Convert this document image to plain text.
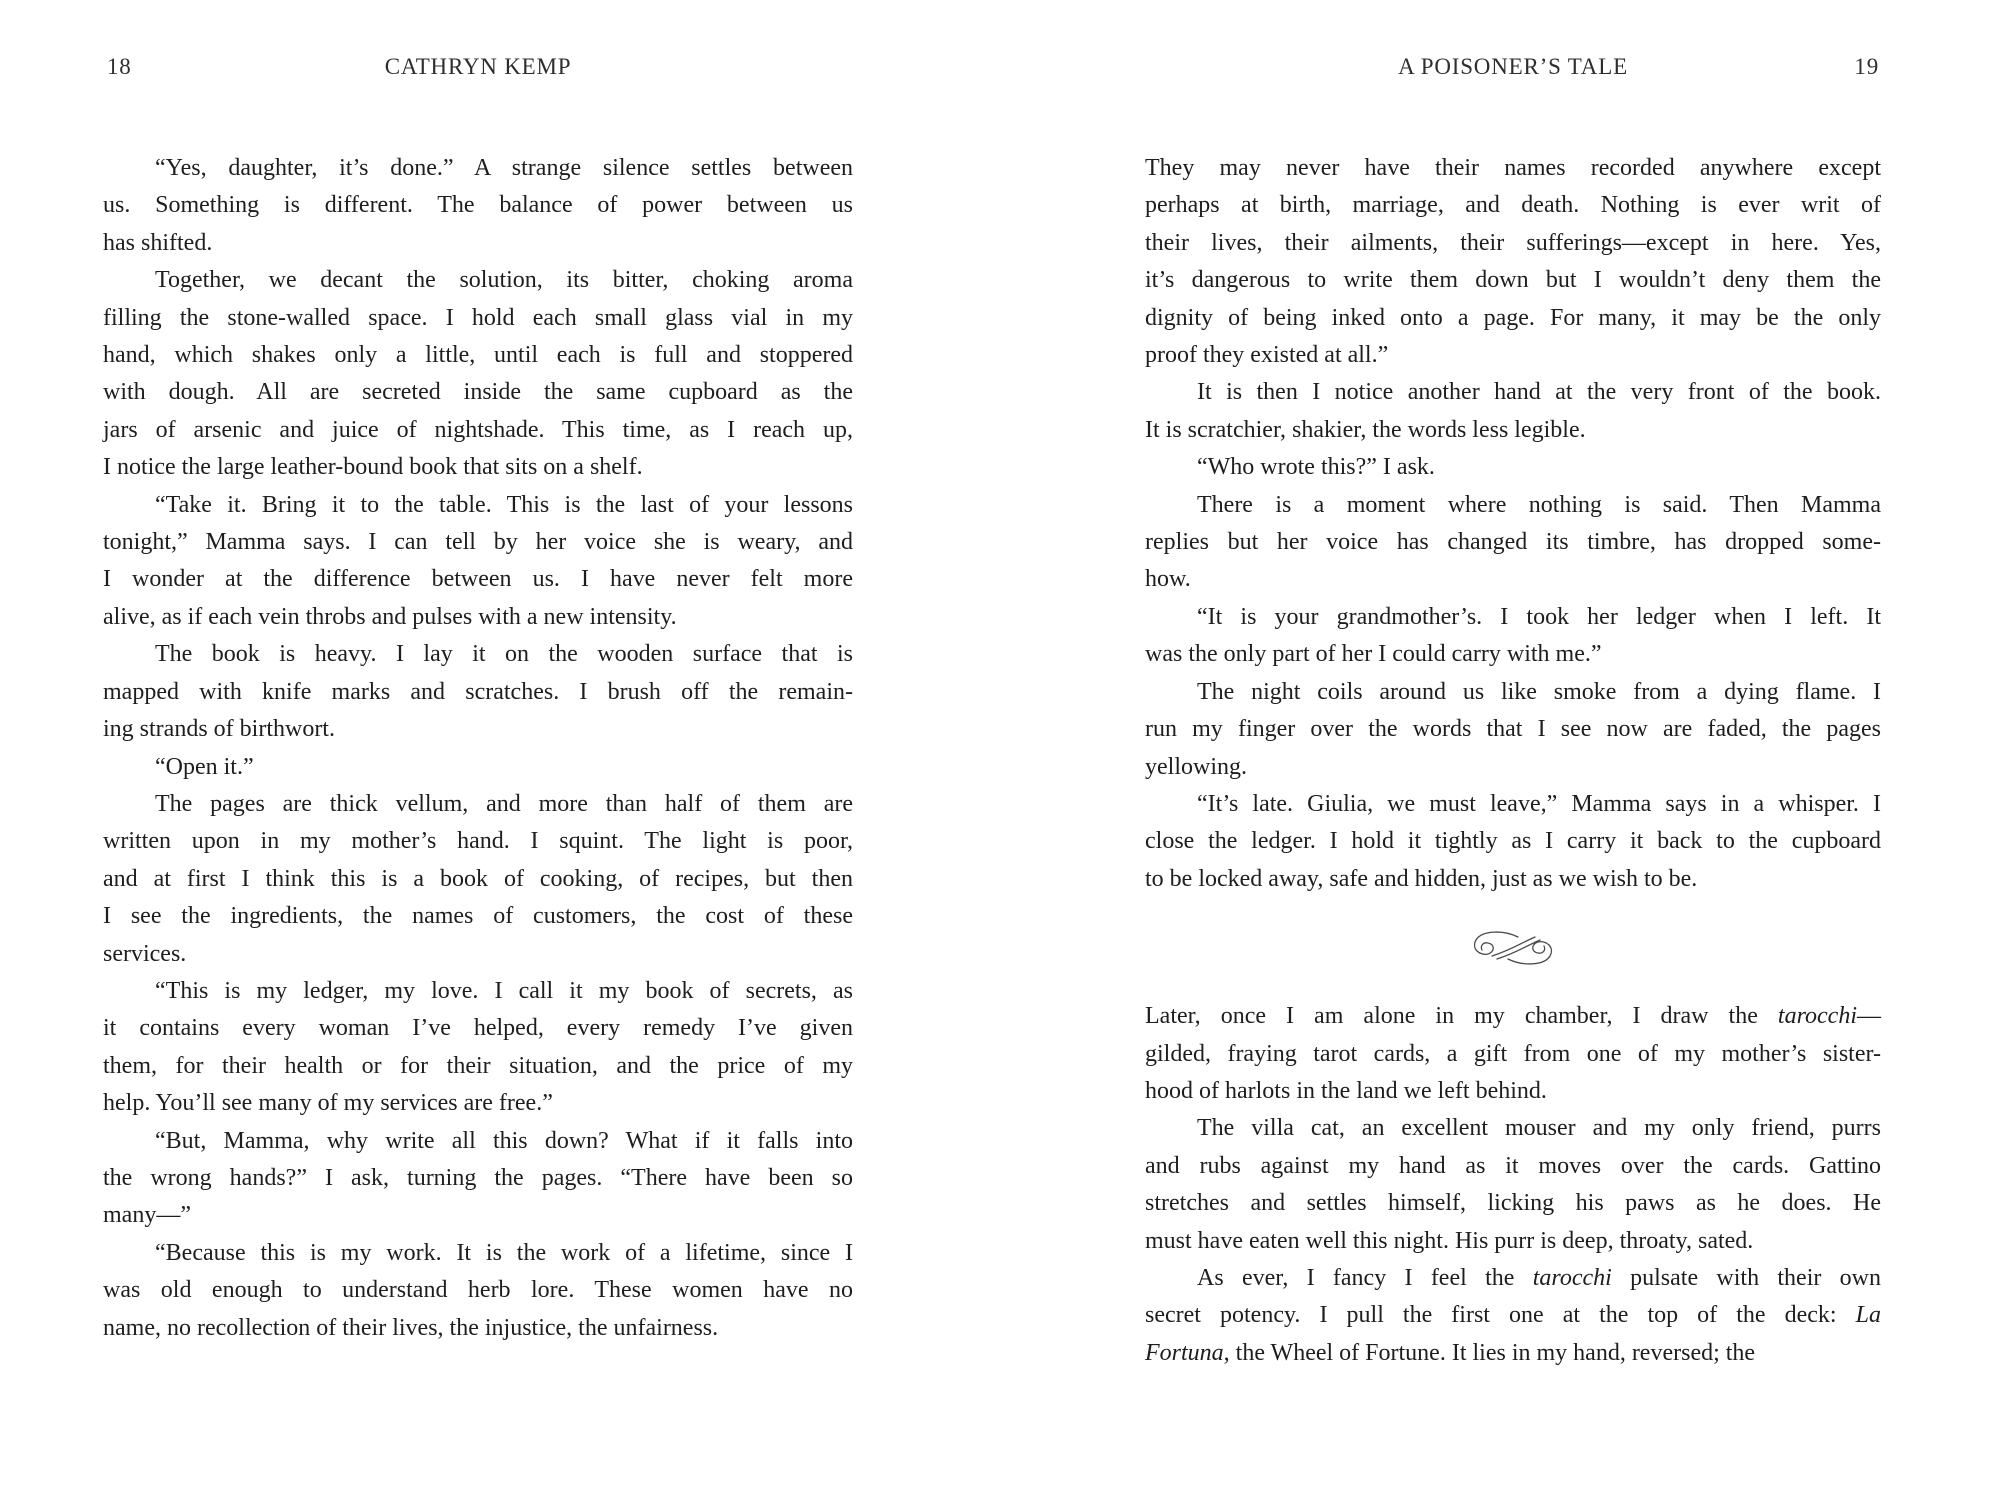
18	CATHRYN KEMP
“Yes, daughter, it’s done.” A strange silence settles between
us. Something is different. The balance of power between us
has shifted.
Together, we decant the solution, its bitter, choking aroma
filling the stone-walled space. I hold each small glass vial in my
hand, which shakes only a little, until each is full and stoppered
with dough. All are secreted inside the same cupboard as the
jars of arsenic and juice of nightshade. This time, as I reach up,
I notice the large leather-bound book that sits on a shelf.
“Take it. Bring it to the table. This is the last of your lessons
tonight,” Mamma says. I can tell by her voice she is weary, and
I wonder at the difference between us. I have never felt more
alive, as if each vein throbs and pulses with a new intensity.
The book is heavy. I lay it on the wooden surface that is
mapped with knife marks and scratches. I brush off the remain-
ing strands of birthwort.
“Open it.”
The pages are thick vellum, and more than half of them are
written upon in my mother’s hand. I squint. The light is poor,
and at first I think this is a book of cooking, of recipes, but then
I see the ingredients, the names of customers, the cost of these
services.
“This is my ledger, my love. I call it my book of secrets, as
it contains every woman I’ve helped, every remedy I’ve given
them, for their health or for their situation, and the price of my
help. You’ll see many of my services are free.”
“But, Mamma, why write all this down? What if it falls into
the wrong hands?” I ask, turning the pages. “There have been so
many—”
“Because this is my work. It is the work of a lifetime, since I
was old enough to understand herb lore. These women have no
name, no recollection of their lives, the injustice, the unfairness.
A POISONER’S TALE	19
They may never have their names recorded anywhere except
perhaps at birth, marriage, and death. Nothing is ever writ of
their lives, their ailments, their sufferings—except in here. Yes,
it’s dangerous to write them down but I wouldn’t deny them the
dignity of being inked onto a page. For many, it may be the only
proof they existed at all.”
It is then I notice another hand at the very front of the book.
It is scratchier, shakier, the words less legible.
“Who wrote this?” I ask.
There is a moment where nothing is said. Then Mamma
replies but her voice has changed its timbre, has dropped some-
how.
“It is your grandmother’s. I took her ledger when I left. It
was the only part of her I could carry with me.”
The night coils around us like smoke from a dying flame. I
run my finger over the words that I see now are faded, the pages
yellowing.
“It’s late. Giulia, we must leave,” Mamma says in a whisper. I
close the ledger. I hold it tightly as I carry it back to the cupboard
to be locked away, safe and hidden, just as we wish to be.
Later, once I am alone in my chamber, I draw the tarocchi—
gilded, fraying tarot cards, a gift from one of my mother’s sister-
hood of harlots in the land we left behind.
The villa cat, an excellent mouser and my only friend, purrs
and rubs against my hand as it moves over the cards. Gattino
stretches and settles himself, licking his paws as he does. He
must have eaten well this night. His purr is deep, throaty, sated.
As ever, I fancy I feel the tarocchi pulsate with their own
secret potency. I pull the first one at the top of the deck: La
Fortuna, the Wheel of Fortune. It lies in my hand, reversed; the
